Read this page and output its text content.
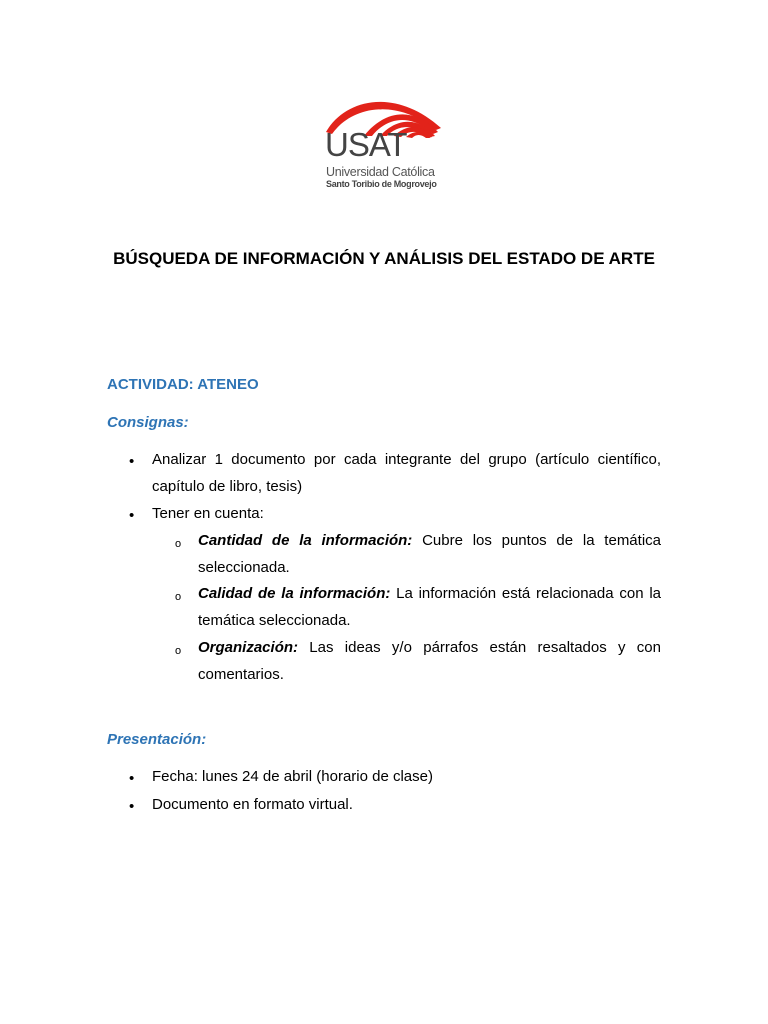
USAT
Universidad Católica
Santo Toribio de Mogrovejo
BÚSQUEDA DE INFORMACIÓN Y ANÁLISIS DEL ESTADO DE ARTE
ACTIVIDAD: ATENEO
Consignas:
• Analizar 1 documento por cada integrante del grupo (artículo científico, capítulo de libro, tesis)
• Tener en cuenta:
o Cantidad de la información: Cubre los puntos de la temática seleccionada.
o Calidad de la información: La información está relacionada con la temática seleccionada.
o Organización: Las ideas y/o párrafos están resaltados y con comentarios.
Presentación:
• Fecha: lunes 24 de abril (horario de clase)
• Documento en formato virtual.
